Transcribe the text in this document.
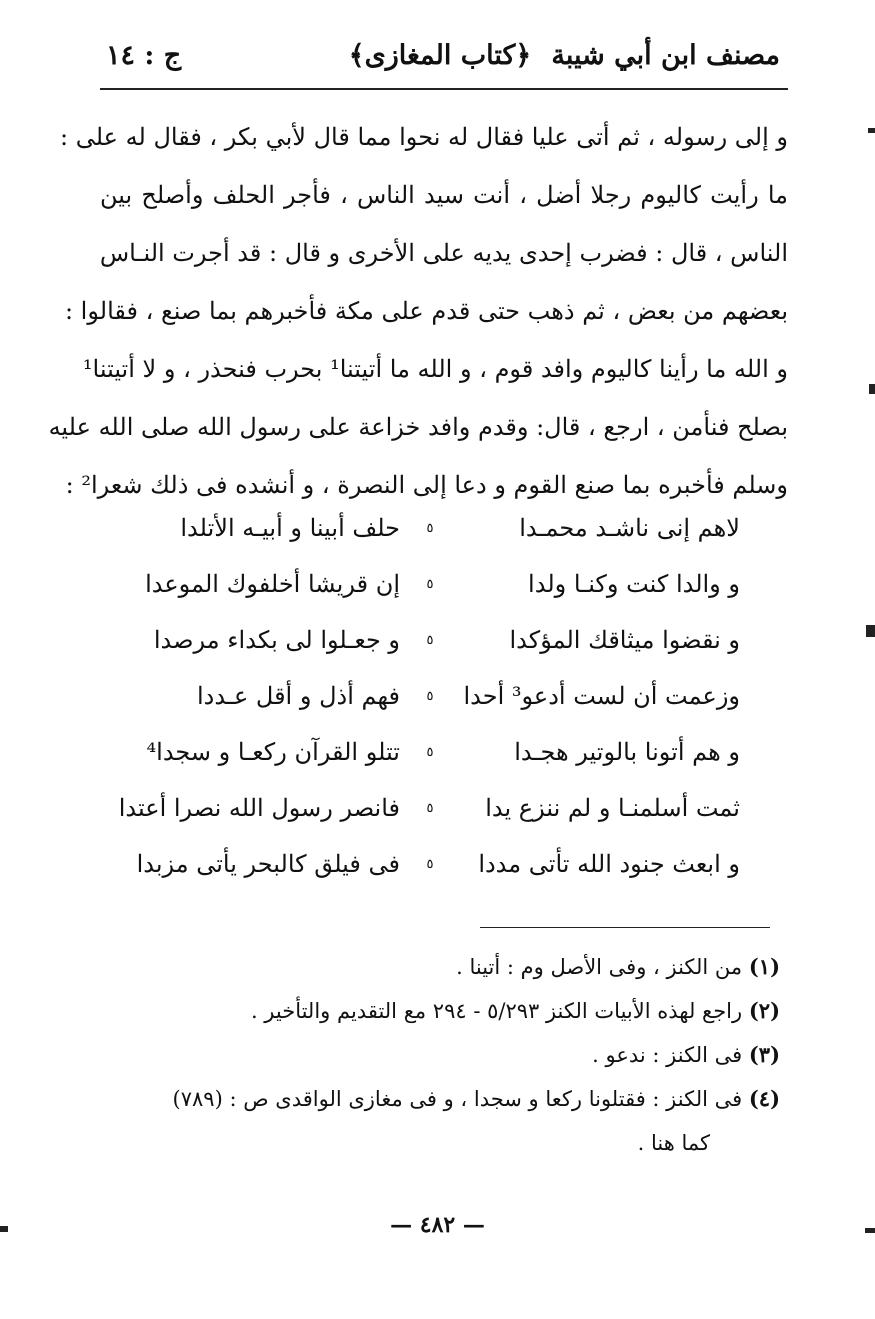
مصنف ابن أبي شيبة
﴿كتاب المغازى﴾
ج : ١٤
و إلى رسوله ، ثم أتى عليا فقال له نحوا مما قال لأبي بكر ، فقال له على :
ما رأيت كاليوم رجلا أضل ، أنت سيد الناس ، فأجر الحلف وأصلح بين
الناس ، قال : فضرب إحدى يديه على الأخرى و قال : قد أجرت النـاس
بعضهم من بعض ، ثم ذهب حتى قدم على مكة فأخبرهم بما صنع ، فقالوا :
و الله ما رأينا كاليوم وافد قوم ، و الله ما أتيتنا¹ بحرب فنحذر ، و لا أتيتنا¹
بصلح فنأمن ، ارجع ، قال: وقدم وافد خزاعة على رسول الله صلى الله عليه
وسلم فأخبره بما صنع القوم و دعا إلى النصرة ، و أنشده فى ذلك شعرا² :
لاهم إنى ناشـد محمـدا
٥
حلف أبينا و أبيـه الأتلدا
و والدا كنت وكنـا ولدا
٥
إن قريشا أخلفوك الموعدا
و نقضوا ميثاقك المؤكدا
٥
و جعـلوا لى بكداء مرصدا
وزعمت أن لست أدعو³ أحدا
٥
فهم أذل و أقل عـددا
و هم أتونا بالوتير هجـدا
٥
تتلو القرآن ركعـا و سجدا⁴
ثمت أسلمنـا و لم ننزع يدا
٥
فانصر رسول الله نصرا أعتدا
و ابعث جنود الله تأتى مددا
٥
فى فيلق كالبحر يأتى مزبدا
(١) من الكنز ، وفى الأصل وم : أتينا .
(٢) راجع لهذه الأبيات الكنز ٥/٢٩٣ - ٢٩٤ مع التقديم والتأخير .
(٣) فى الكنز : ندعو .
(٤) فى الكنز : فقتلونا ركعا و سجدا ، و فى مغازى الواقدى ص : (٧٨٩)
كما هنا .
— ٤٨٢ —
